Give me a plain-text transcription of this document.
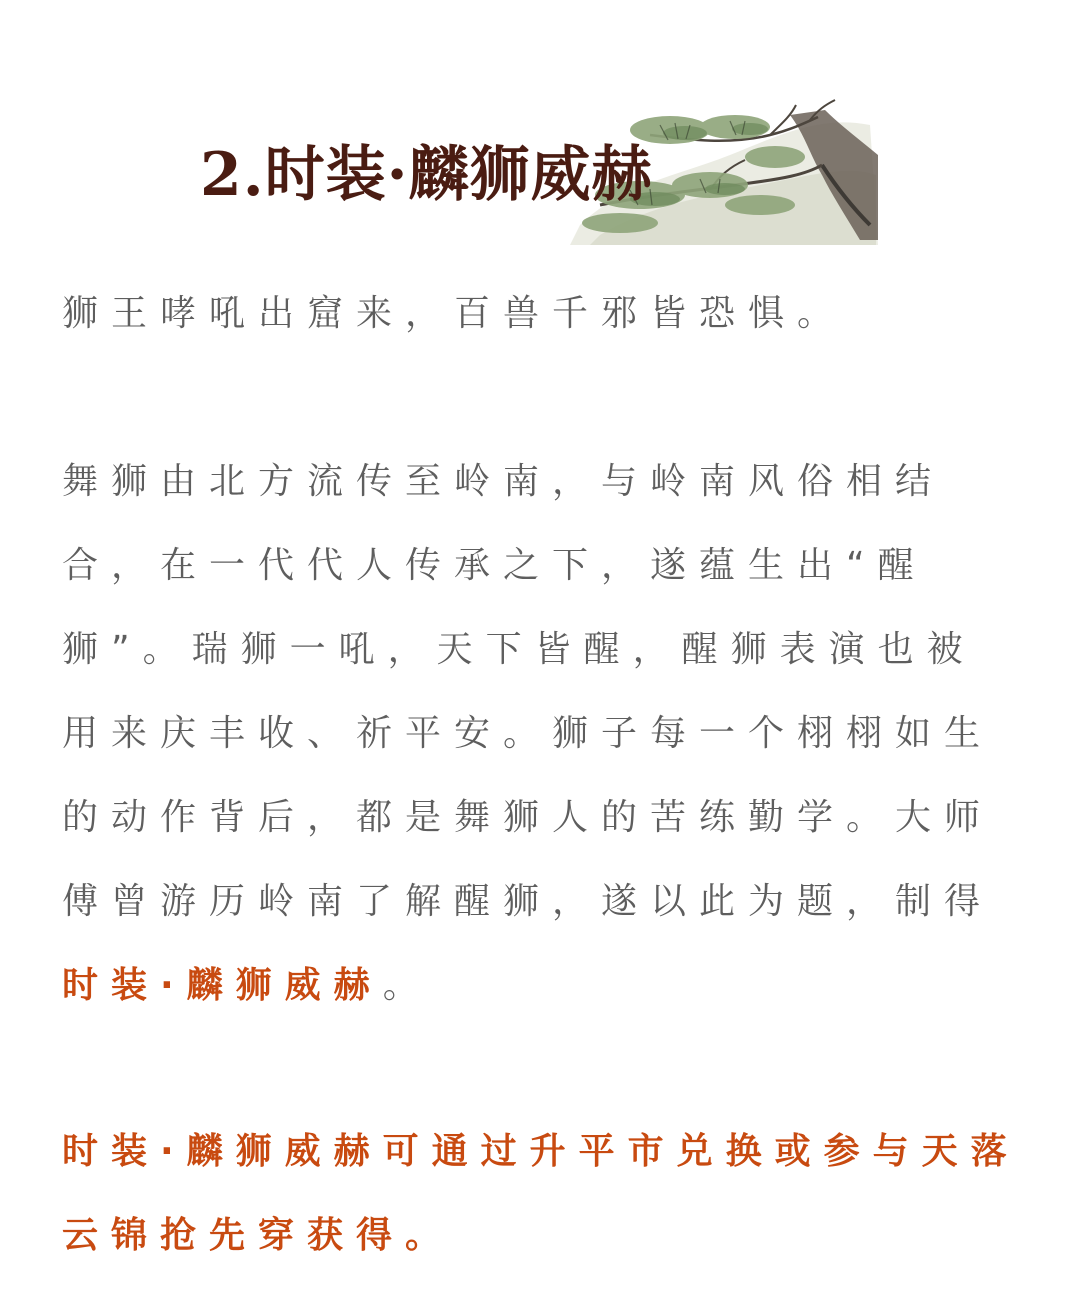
2.时装·麟狮威赫

狮王哮吼出窟来，百兽千邪皆恐惧。

舞狮由北方流传至岭南，与岭南风俗相结合，在一代代人传承之下，遂蕴生出“醒狮”。瑞狮一吼，天下皆醒，醒狮表演也被用来庆丰收、祈平安。狮子每一个栩栩如生的动作背后，都是舞狮人的苦练勤学。大师傅曾游历岭南了解醒狮，遂以此为题，制得时装·麟狮威赫。

时装·麟狮威赫可通过升平市兑换或参与天落云锦抢先穿获得。
